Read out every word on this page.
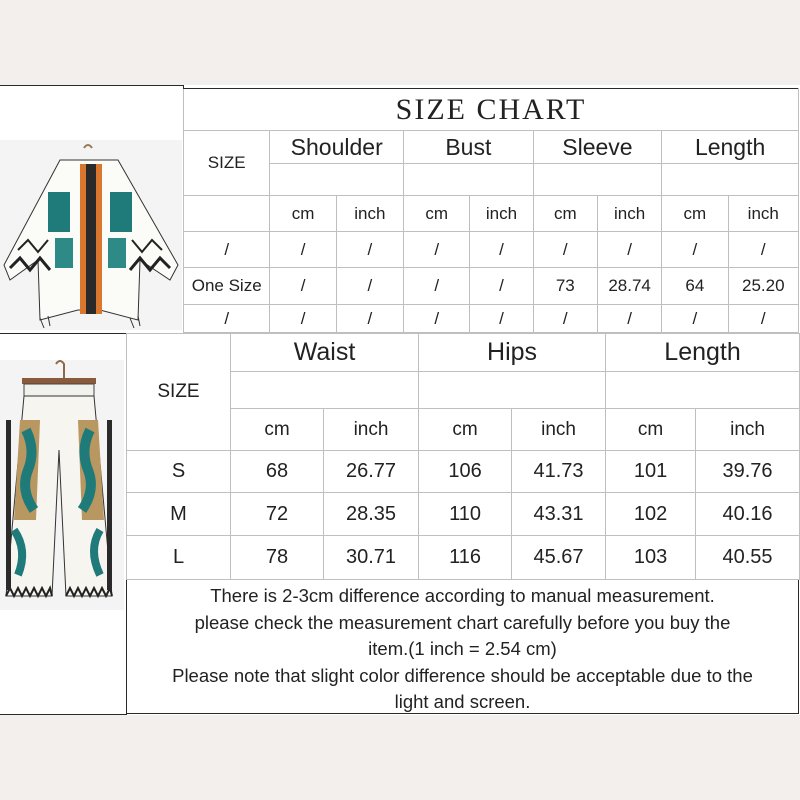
SIZE CHART								
SIZE	Shoulder		Bust		Sleeve		Length	

	cm	inch	cm	inch	cm	inch	cm	inch
/	/	/	/	/	/	/	/	/
One Size	/	/	/	/	73	28.74	64	25.20
/	/	/	/	/	/	/	/	/
SIZE	Waist		Hips		Length	

	cm	inch	cm	inch	cm	inch
S	68	26.77	106	41.73	101	39.76
M	72	28.35	110	43.31	102	40.16
L	78	30.71	116	45.67	103	40.55
There is 2-3cm difference according to manual measurement.
please check the measurement chart carefully before you buy the
item.(1 inch = 2.54 cm)
Please note that slight color difference should be acceptable due to the
light and screen.
